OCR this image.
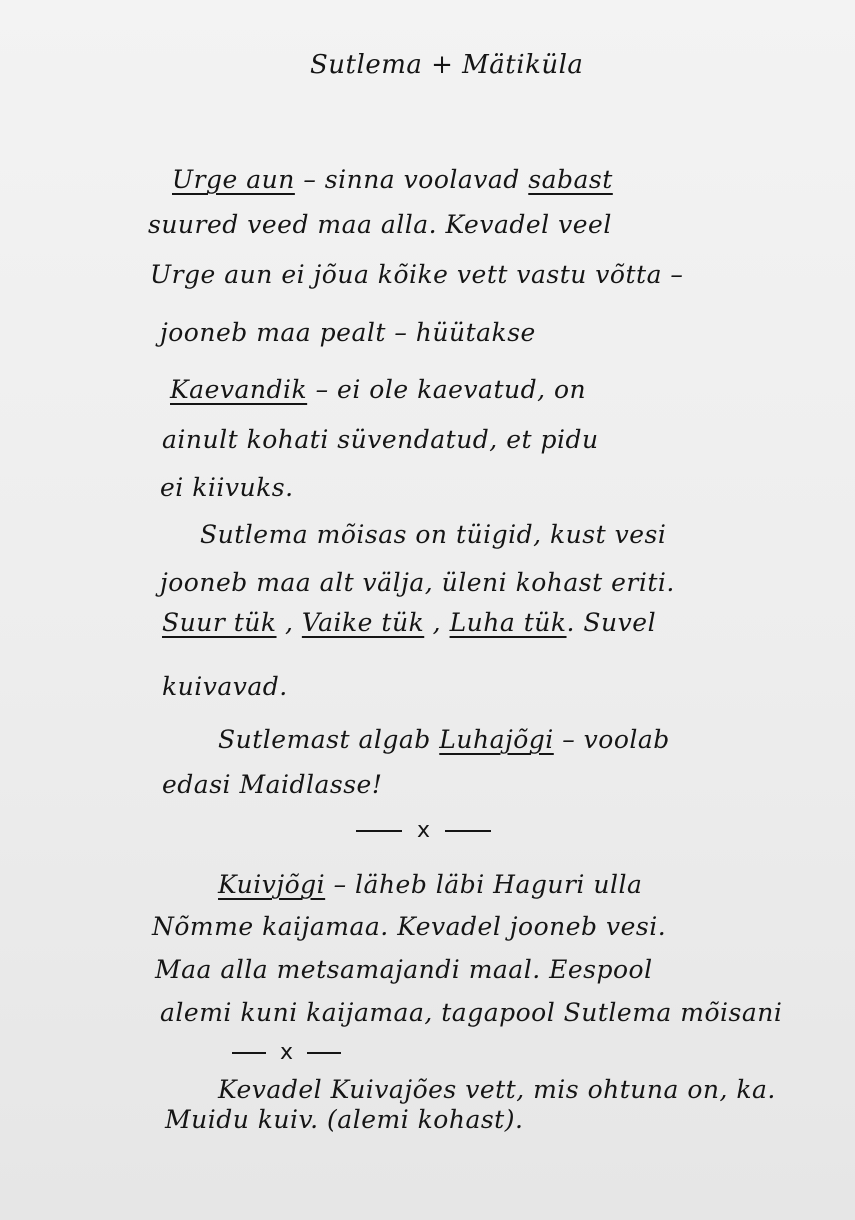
Sutlema + Mätiküla
Urge aun – sinna voolavad sabast
suured veed maa alla. Kevadel veel
Urge aun ei jõua kõike vett vastu võtta –
jooneb maa pealt – hüütakse
Kaevandik – ei ole kaevatud, on
ainult kohati süvendatud, et pidu
ei kiivuks.
Sutlema mõisas on tüigid, kust vesi
jooneb maa alt välja, üleni kohast eriti.
Suur tük , Vaike tük , Luha tük. Suvel
kuivavad.
Sutlemast algab Luhajõgi – voolab
edasi Maidlasse!
Kuivjõgi – läheb läbi Haguri ulla
Nõmme kaijamaa. Kevadel jooneb vesi.
Maa alla metsamajandi maal. Eespool
alemi kuni kaijamaa, tagapool Sutlema mõisani
Kevadel Kuivajões vett, mis ohtuna on, ka.
Muidu kuiv. (alemi kohast).
x
x
